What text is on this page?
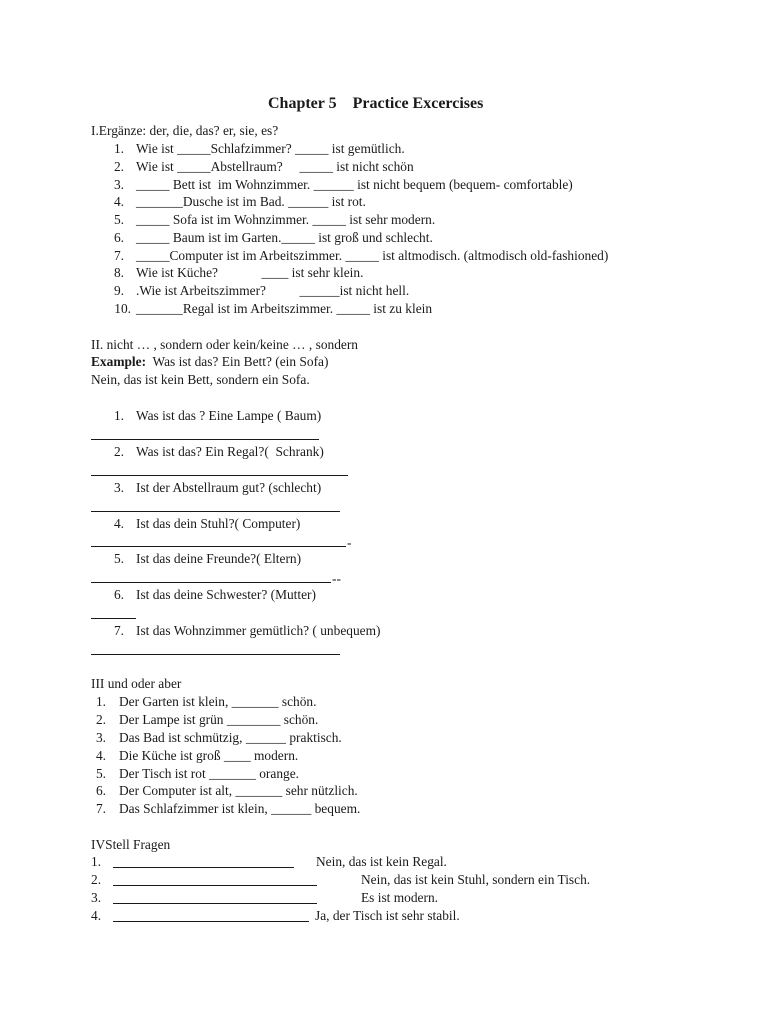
Chapter 5    Practice Excercises
I.Ergänze: der, die, das? er, sie, es?
1. Wie ist _____Schlafzimmer? _____ ist gemütlich.
2. Wie ist _____Abstellraum?     _____ ist nicht schön
3. _____ Bett ist  im Wohnzimmer. ______ ist nicht bequem (bequem- comfortable)
4. _______Dusche ist im Bad. ______ ist rot.
5. _____ Sofa ist im Wohnzimmer. _____ ist sehr modern.
6. _____ Baum ist im Garten._____ ist groß und schlecht.
7. _____Computer ist im Arbeitszimmer. _____ ist altmodisch. (altmodisch old-fashioned)
8. Wie ist Küche?             ____ ist sehr klein.
9. .Wie ist Arbeitszimmer?          ______ist nicht hell.
10. _______Regal ist im Arbeitszimmer. _____ ist zu klein
II. nicht … , sondern oder kein/keine … , sondern
Example:  Was ist das? Ein Bett? (ein Sofa)
Nein, das ist kein Bett, sondern ein Sofa.
1. Was ist das ? Eine Lampe ( Baum)
2. Was ist das? Ein Regal?(  Schrank)
3. Ist der Abstellraum gut? (schlecht)
4. Ist das dein Stuhl?( Computer)
-
5. Ist das deine Freunde?( Eltern)
--
6. Ist das deine Schwester? (Mutter)
7. Ist das Wohnzimmer gemütlich? ( unbequem)
III und oder aber
1. Der Garten ist klein, _______ schön.
2. Der Lampe ist grün ________ schön.
3. Das Bad ist schmützig, ______ praktisch.
4. Die Küche ist groß ____ modern.
5. Der Tisch ist rot _______ orange.
6. Der Computer ist alt, _______ sehr nützlich.
7. Das Schlafzimmer ist klein, ______ bequem.
IVStell Fragen
1.	Nein, das ist kein Regal.
2.	Nein, das ist kein Stuhl, sondern ein Tisch.
3.	Es ist modern.
4.	Ja, der Tisch ist sehr stabil.
